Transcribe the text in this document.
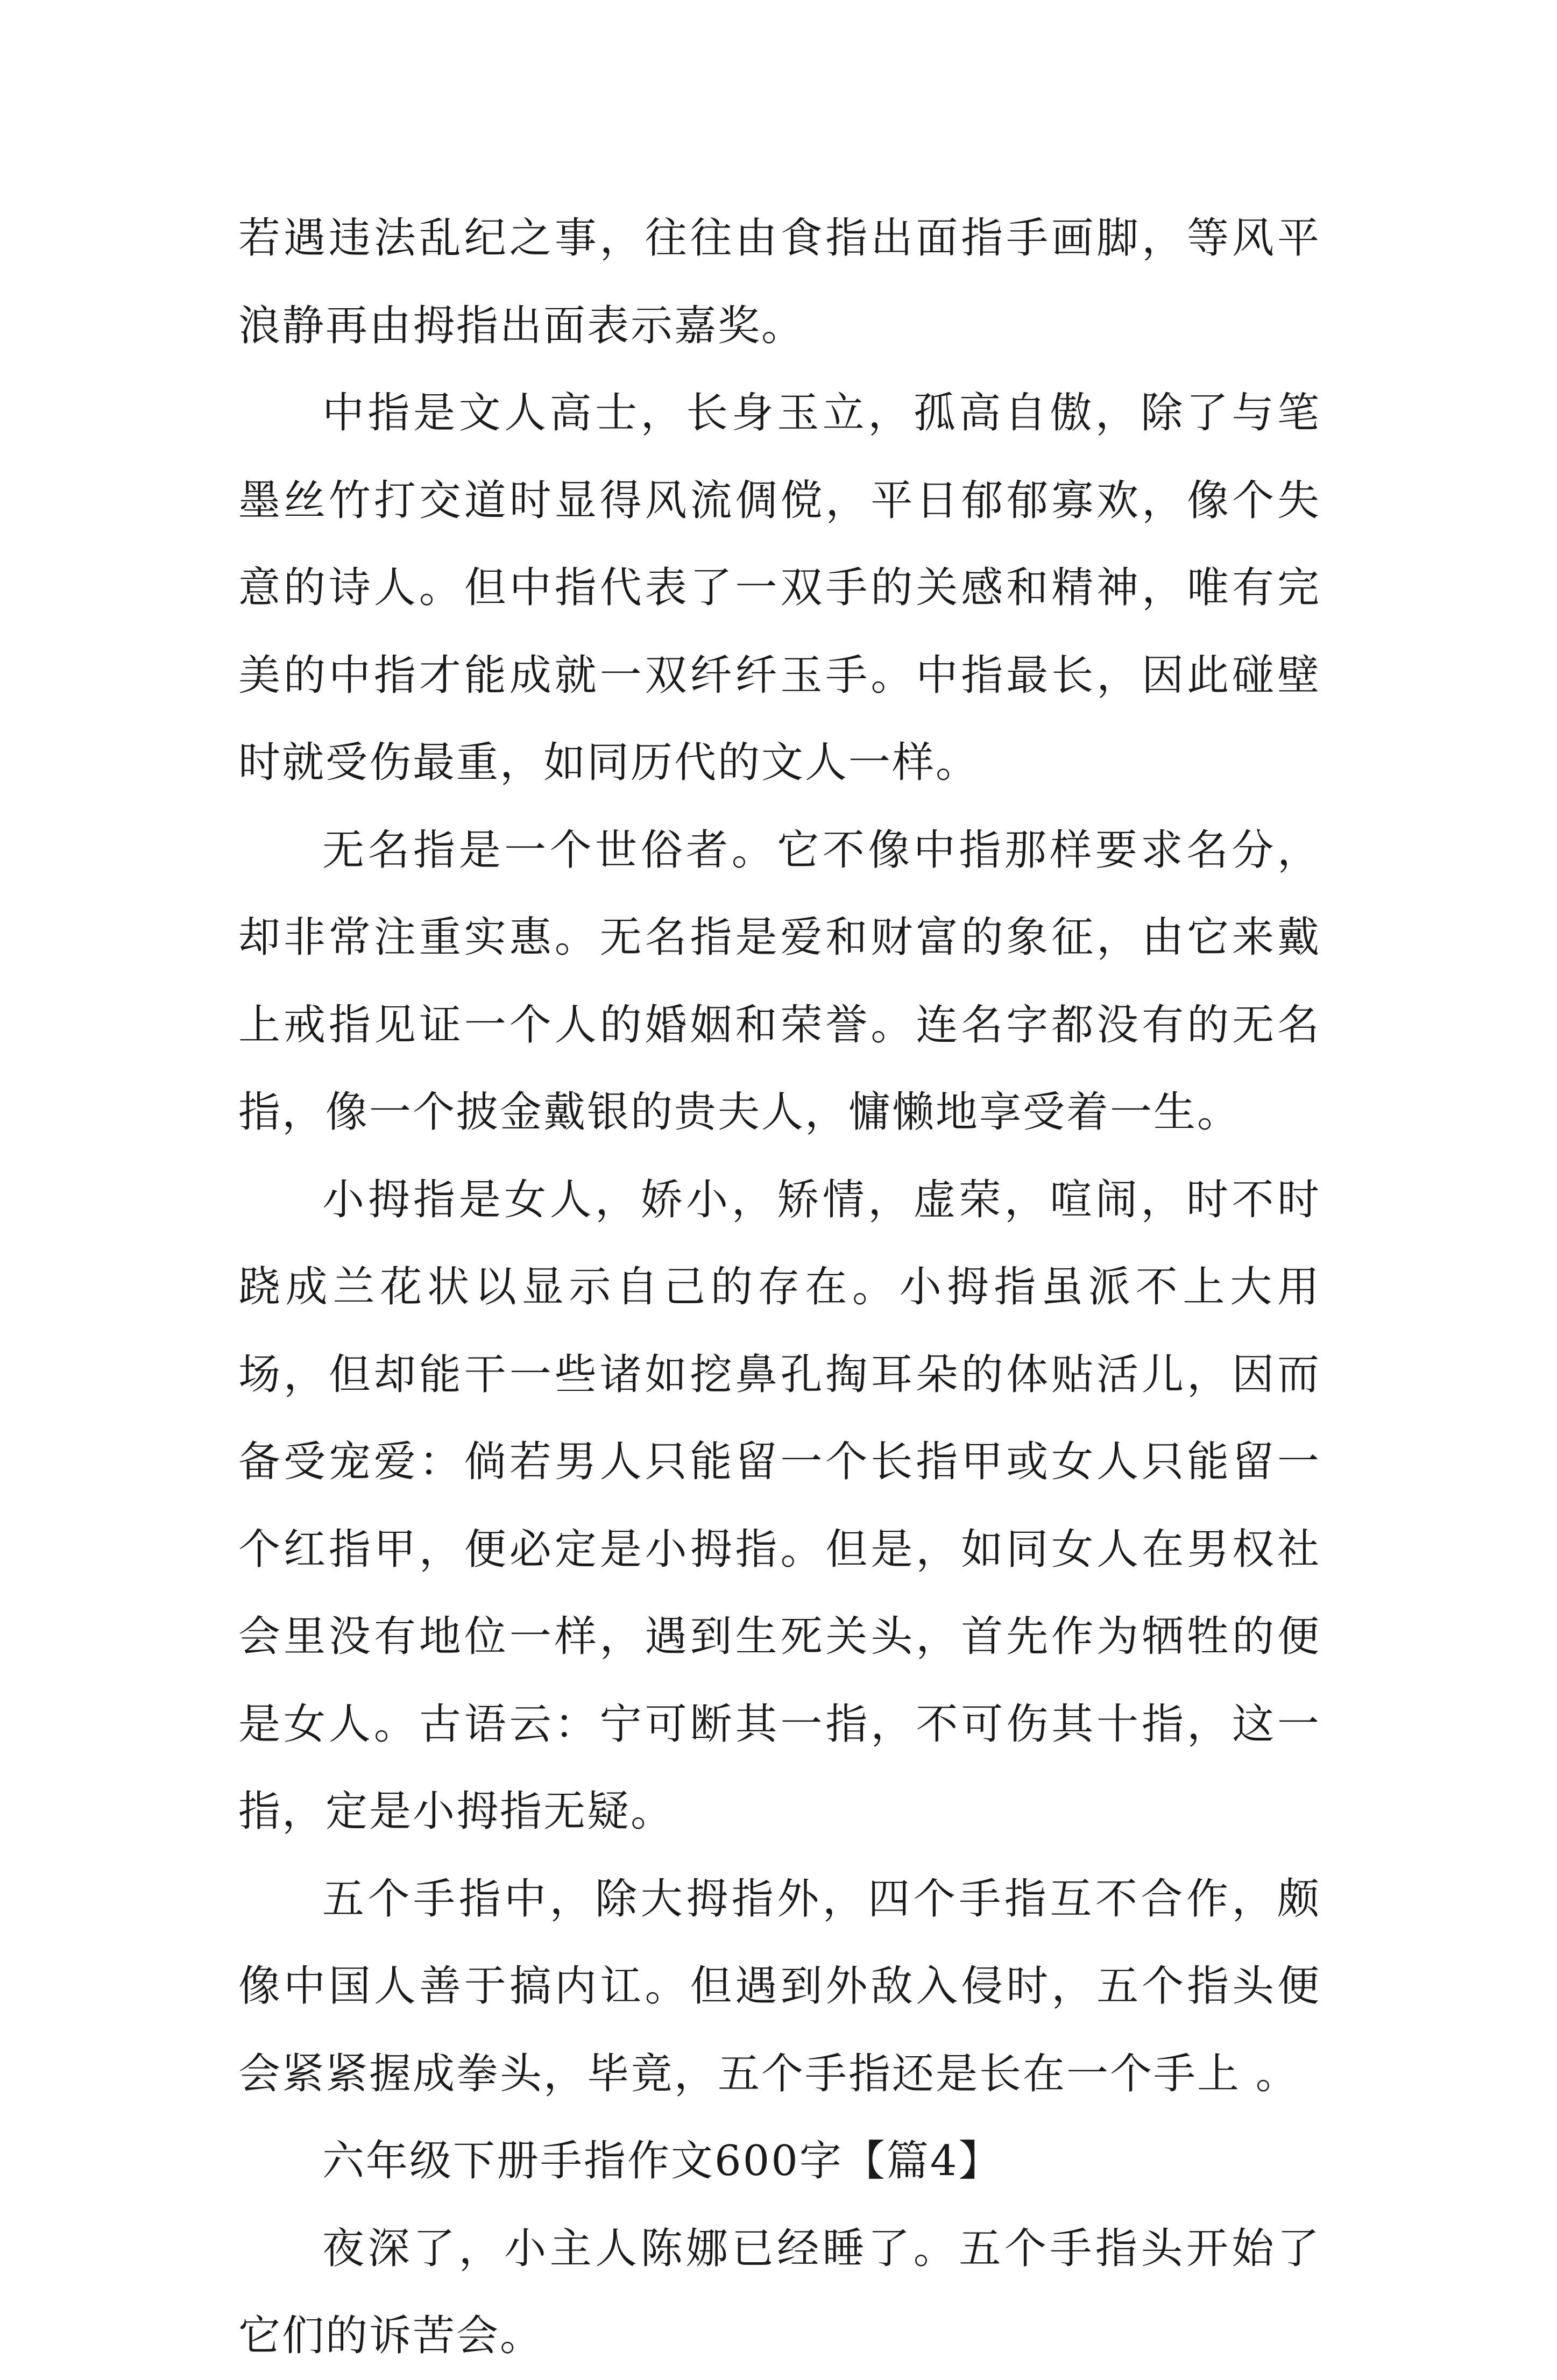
若遇违法乱纪之事，往往由食指出面指手画脚，等风平浪静再由拇指出面表示嘉奖。

中指是文人高士，长身玉立，孤高自傲，除了与笔墨丝竹打交道时显得风流倜傥，平日郁郁寡欢，像个失意的诗人。但中指代表了一双手的关感和精神，唯有完美的中指才能成就一双纤纤玉手。中指最长，因此碰壁时就受伤最重，如同历代的文人一样。

无名指是一个世俗者。它不像中指那样要求名分，却非常注重实惠。无名指是爱和财富的象征，由它来戴上戒指见证一个人的婚姻和荣誉。连名字都没有的无名指，像一个披金戴银的贵夫人，慵懒地享受着一生。

小拇指是女人，娇小，矫情，虚荣，喧闹，时不时跷成兰花状以显示自己的存在。小拇指虽派不上大用场，但却能干一些诸如挖鼻孔掏耳朵的体贴活儿，因而备受宠爱：倘若男人只能留一个长指甲或女人只能留一个红指甲，便必定是小拇指。但是，如同女人在男权社会里没有地位一样，遇到生死关头，首先作为牺牲的便是女人。古语云：宁可断其一指，不可伤其十指，这一指，定是小拇指无疑。

五个手指中，除大拇指外，四个手指互不合作，颇像中国人善于搞内讧。但遇到外敌入侵时，五个指头便会紧紧握成拳头，毕竟，五个手指还是长在一个手上 。

六年级下册手指作文600字【篇4】

夜深了，小主人陈娜已经睡了。五个手指头开始了它们的诉苦会。
